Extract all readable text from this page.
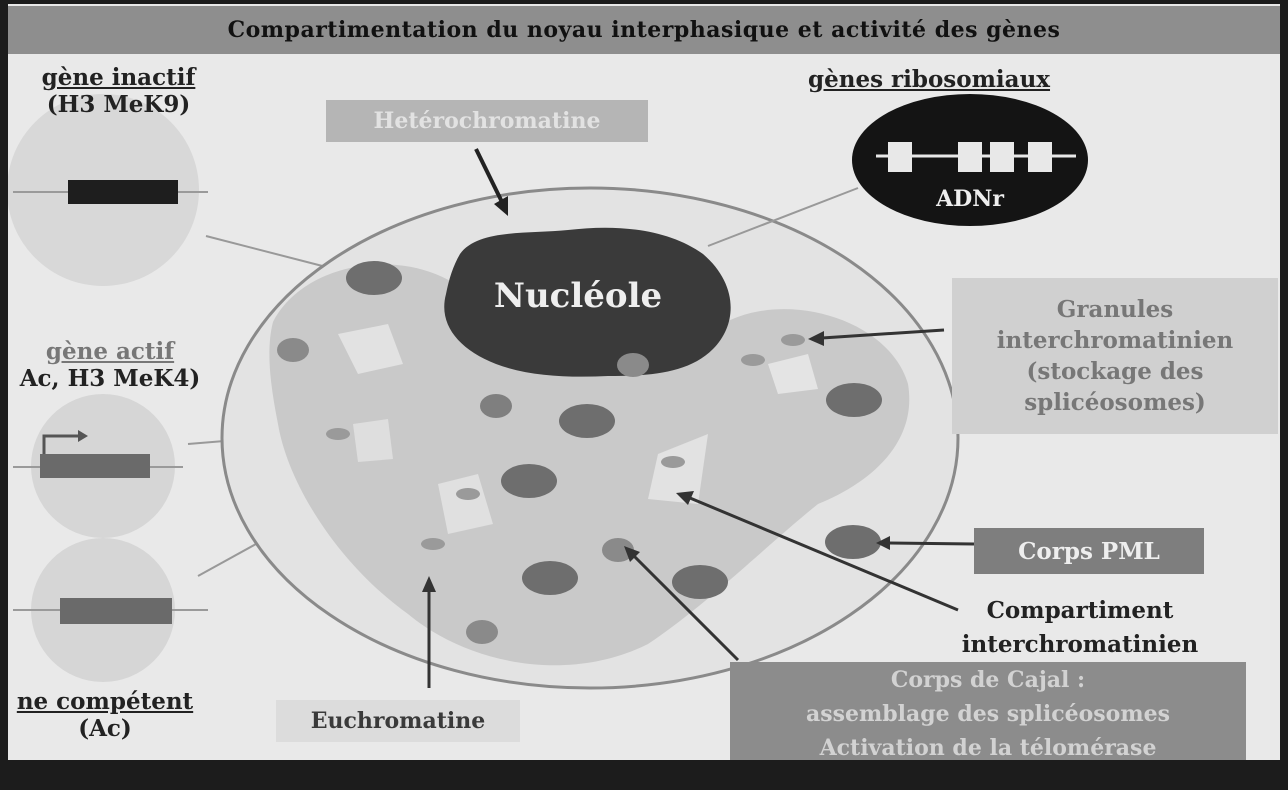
Compartimentation du noyau interphasique et activité des gènes
gène inactif
(H3 MeK9)
gène actif
Ac, H3 MeK4)
ne compétent
(Ac)
gènes ribosomiaux
ADNr
Hetérochromatine
Nucléole	Granules
interchromatinien
(stockage des
splicéosomes)
Corps PML
Compartiment
interchromatinien
Corps de Cajal :
assemblage des splicéosomes
Activation de la télomérase
Euchromatine
